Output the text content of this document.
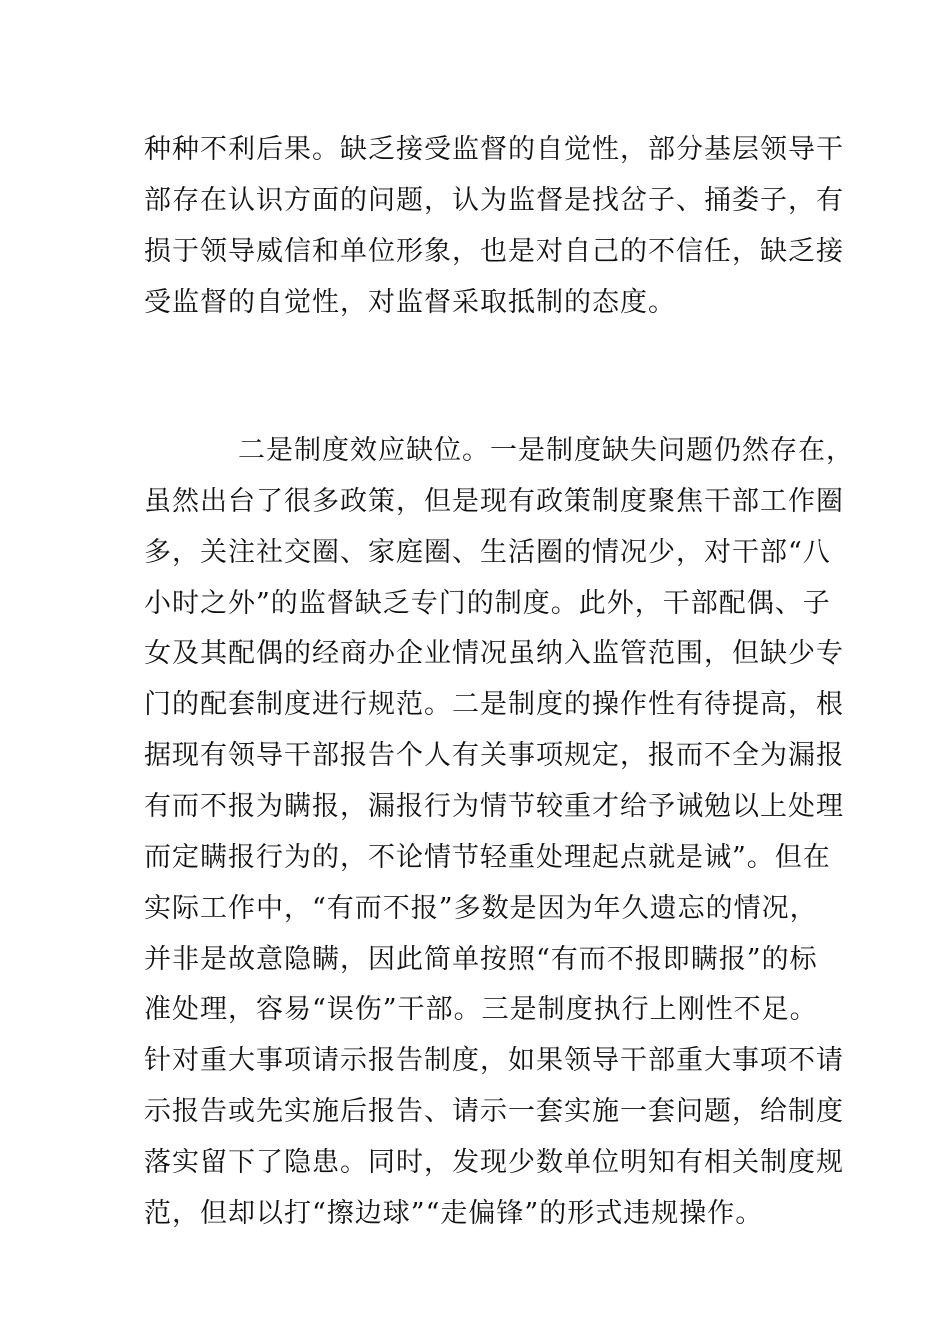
种种不利后果。缺乏接受监督的自觉性，部分基层领导干
部存在认识方面的问题，认为监督是找岔子、捅娄子，有
损于领导威信和单位形象，也是对自己的不信任，缺乏接
受监督的自觉性，对监督采取抵制的态度。
二是制度效应缺位。一是制度缺失问题仍然存在，
虽然出台了很多政策，但是现有政策制度聚焦干部工作圈
多，关注社交圈、家庭圈、生活圈的情况少，对干部“八
小时之外”的监督缺乏专门的制度。此外，干部配偶、子
女及其配偶的经商办企业情况虽纳入监管范围，但缺少专
门的配套制度进行规范。二是制度的操作性有待提高，根
据现有领导干部报告个人有关事项规定，报而不全为漏报
有而不报为瞒报，漏报行为情节较重才给予诫勉以上处理
而定瞒报行为的，不论情节轻重处理起点就是诫”。但在
实际工作中，“有而不报”多数是因为年久遗忘的情况，
并非是故意隐瞒，因此简单按照“有而不报即瞒报”的标
准处理，容易“误伤”干部。三是制度执行上刚性不足。
针对重大事项请示报告制度，如果领导干部重大事项不请
示报告或先实施后报告、请示一套实施一套问题，给制度
落实留下了隐患。同时，发现少数单位明知有相关制度规
范，但却以打“擦边球”“走偏锋”的形式违规操作。
